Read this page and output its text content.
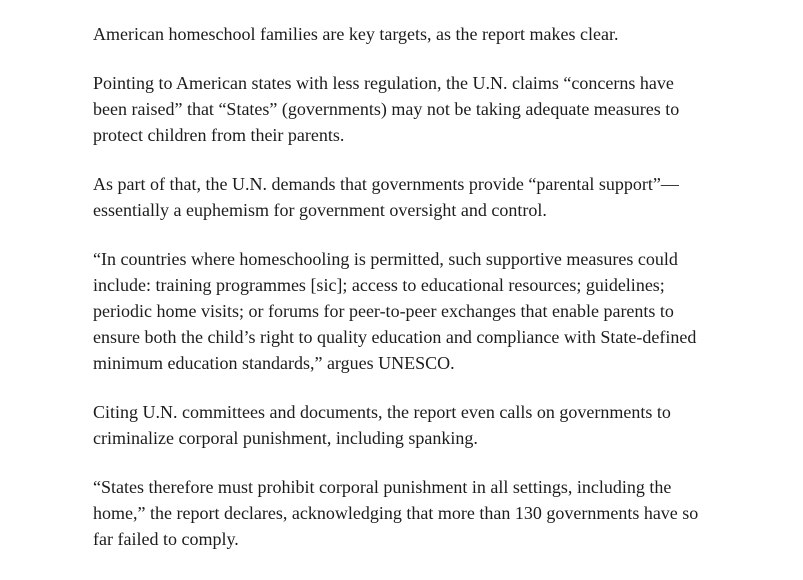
American homeschool families are key targets, as the report makes clear.

Pointing to American states with less regulation, the U.N. claims “concerns have been raised” that “States” (governments) may not be taking adequate measures to protect children from their parents.

As part of that, the U.N. demands that governments provide “parental support”—essentially a euphemism for government oversight and control.

“In countries where homeschooling is permitted, such supportive measures could include: training programmes [sic]; access to educational resources; guidelines; periodic home visits; or forums for peer-to-peer exchanges that enable parents to ensure both the child’s right to quality education and compliance with State-defined minimum education standards,” argues UNESCO.

Citing U.N. committees and documents, the report even calls on governments to criminalize corporal punishment, including spanking.

“States therefore must prohibit corporal punishment in all settings, including the home,” the report declares, acknowledging that more than 130 governments have so far failed to comply.
